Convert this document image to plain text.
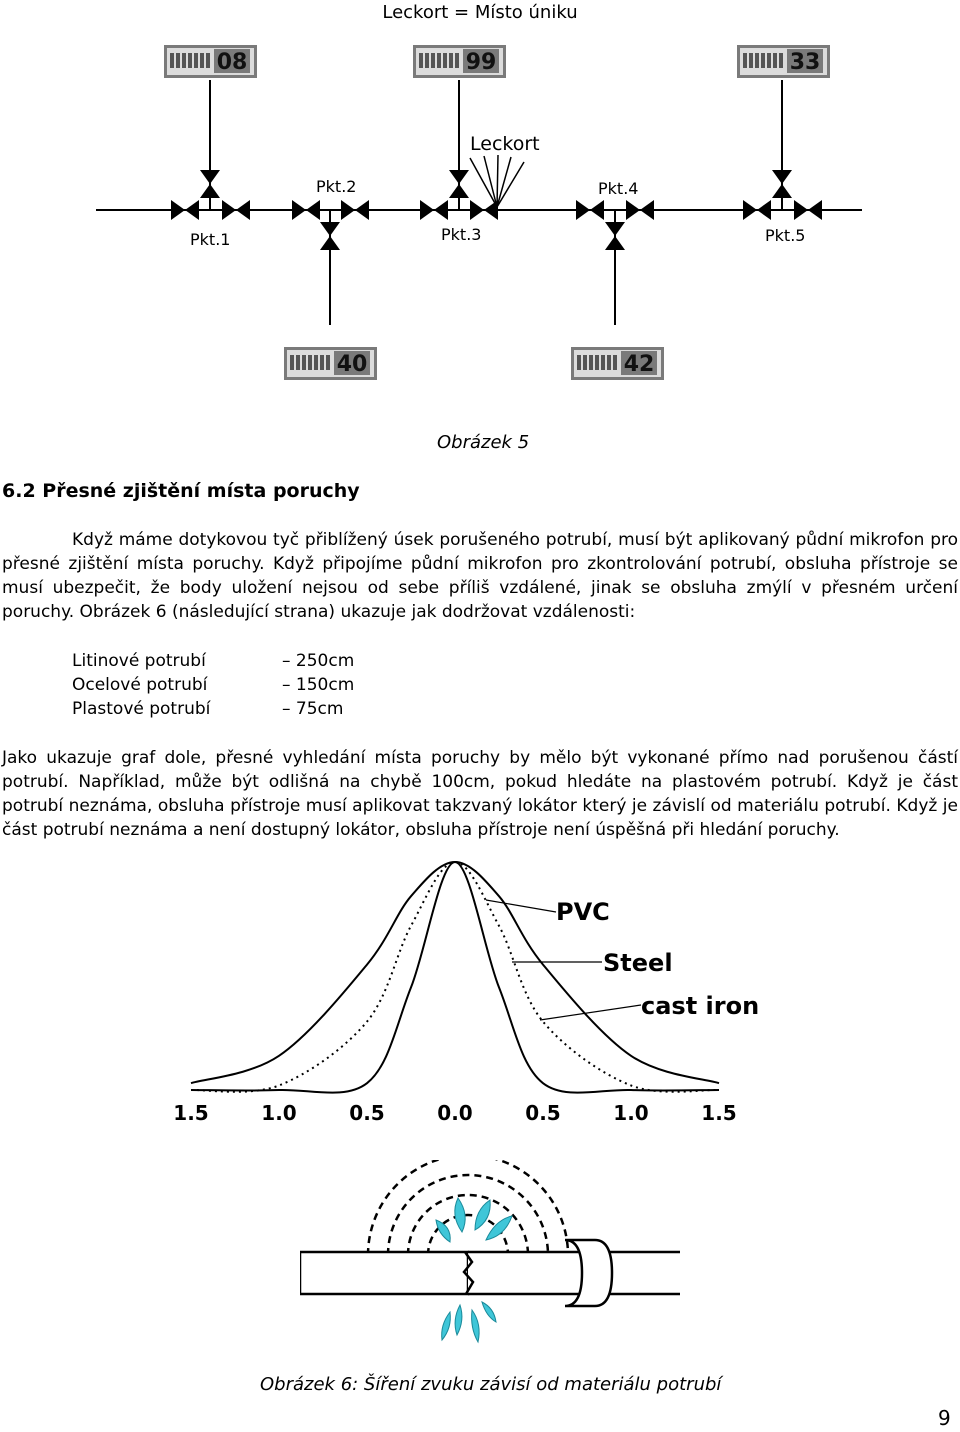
Leckort = Místo úniku
Leckort
Pkt.1
Pkt.2
Pkt.3
Pkt.4
Pkt.5
08	99	33
40	42
Obrázek 5
6.2 Přesné zjištění místa poruchy

Když máme dotykovou tyč přiblížený úsek porušeného potrubí, musí být aplikovaný půdní mikrofon pro přesné zjištění místa poruchy. Když připojíme půdní mikrofon pro zkontrolování potrubí, obsluha přístroje se musí ubezpečit, že body uložení nejsou od sebe příliš vzdálené, jinak se obsluha zmýlí v přesném určení poruchy. Obrázek 6 (následující strana) ukazuje jak dodržovat vzdálenosti:

Litinové potrubí	– 250cm
Ocelové potrubí	– 150cm
Plastové potrubí	– 75cm

Jako ukazuje graf dole, přesné vyhledání místa poruchy by mělo být vykonané přímo nad porušenou částí potrubí. Například, může být odlišná na chybě 100cm, pokud hledáte na plastovém potrubí. Když je část potrubí neznáma, obsluha přístroje musí aplikovat takzvaný lokátor který je závislí od materiálu potrubí. Když je část potrubí neznáma a není dostupný lokátor, obsluha přístroje není úspěšná při hledání poruchy.

1.5	1.0	0.5	0.0	0.5	1.0	1.5
PVC
Steel
cast iron
Obrázek 6: Šíření zvuku závisí od materiálu potrubí
9
